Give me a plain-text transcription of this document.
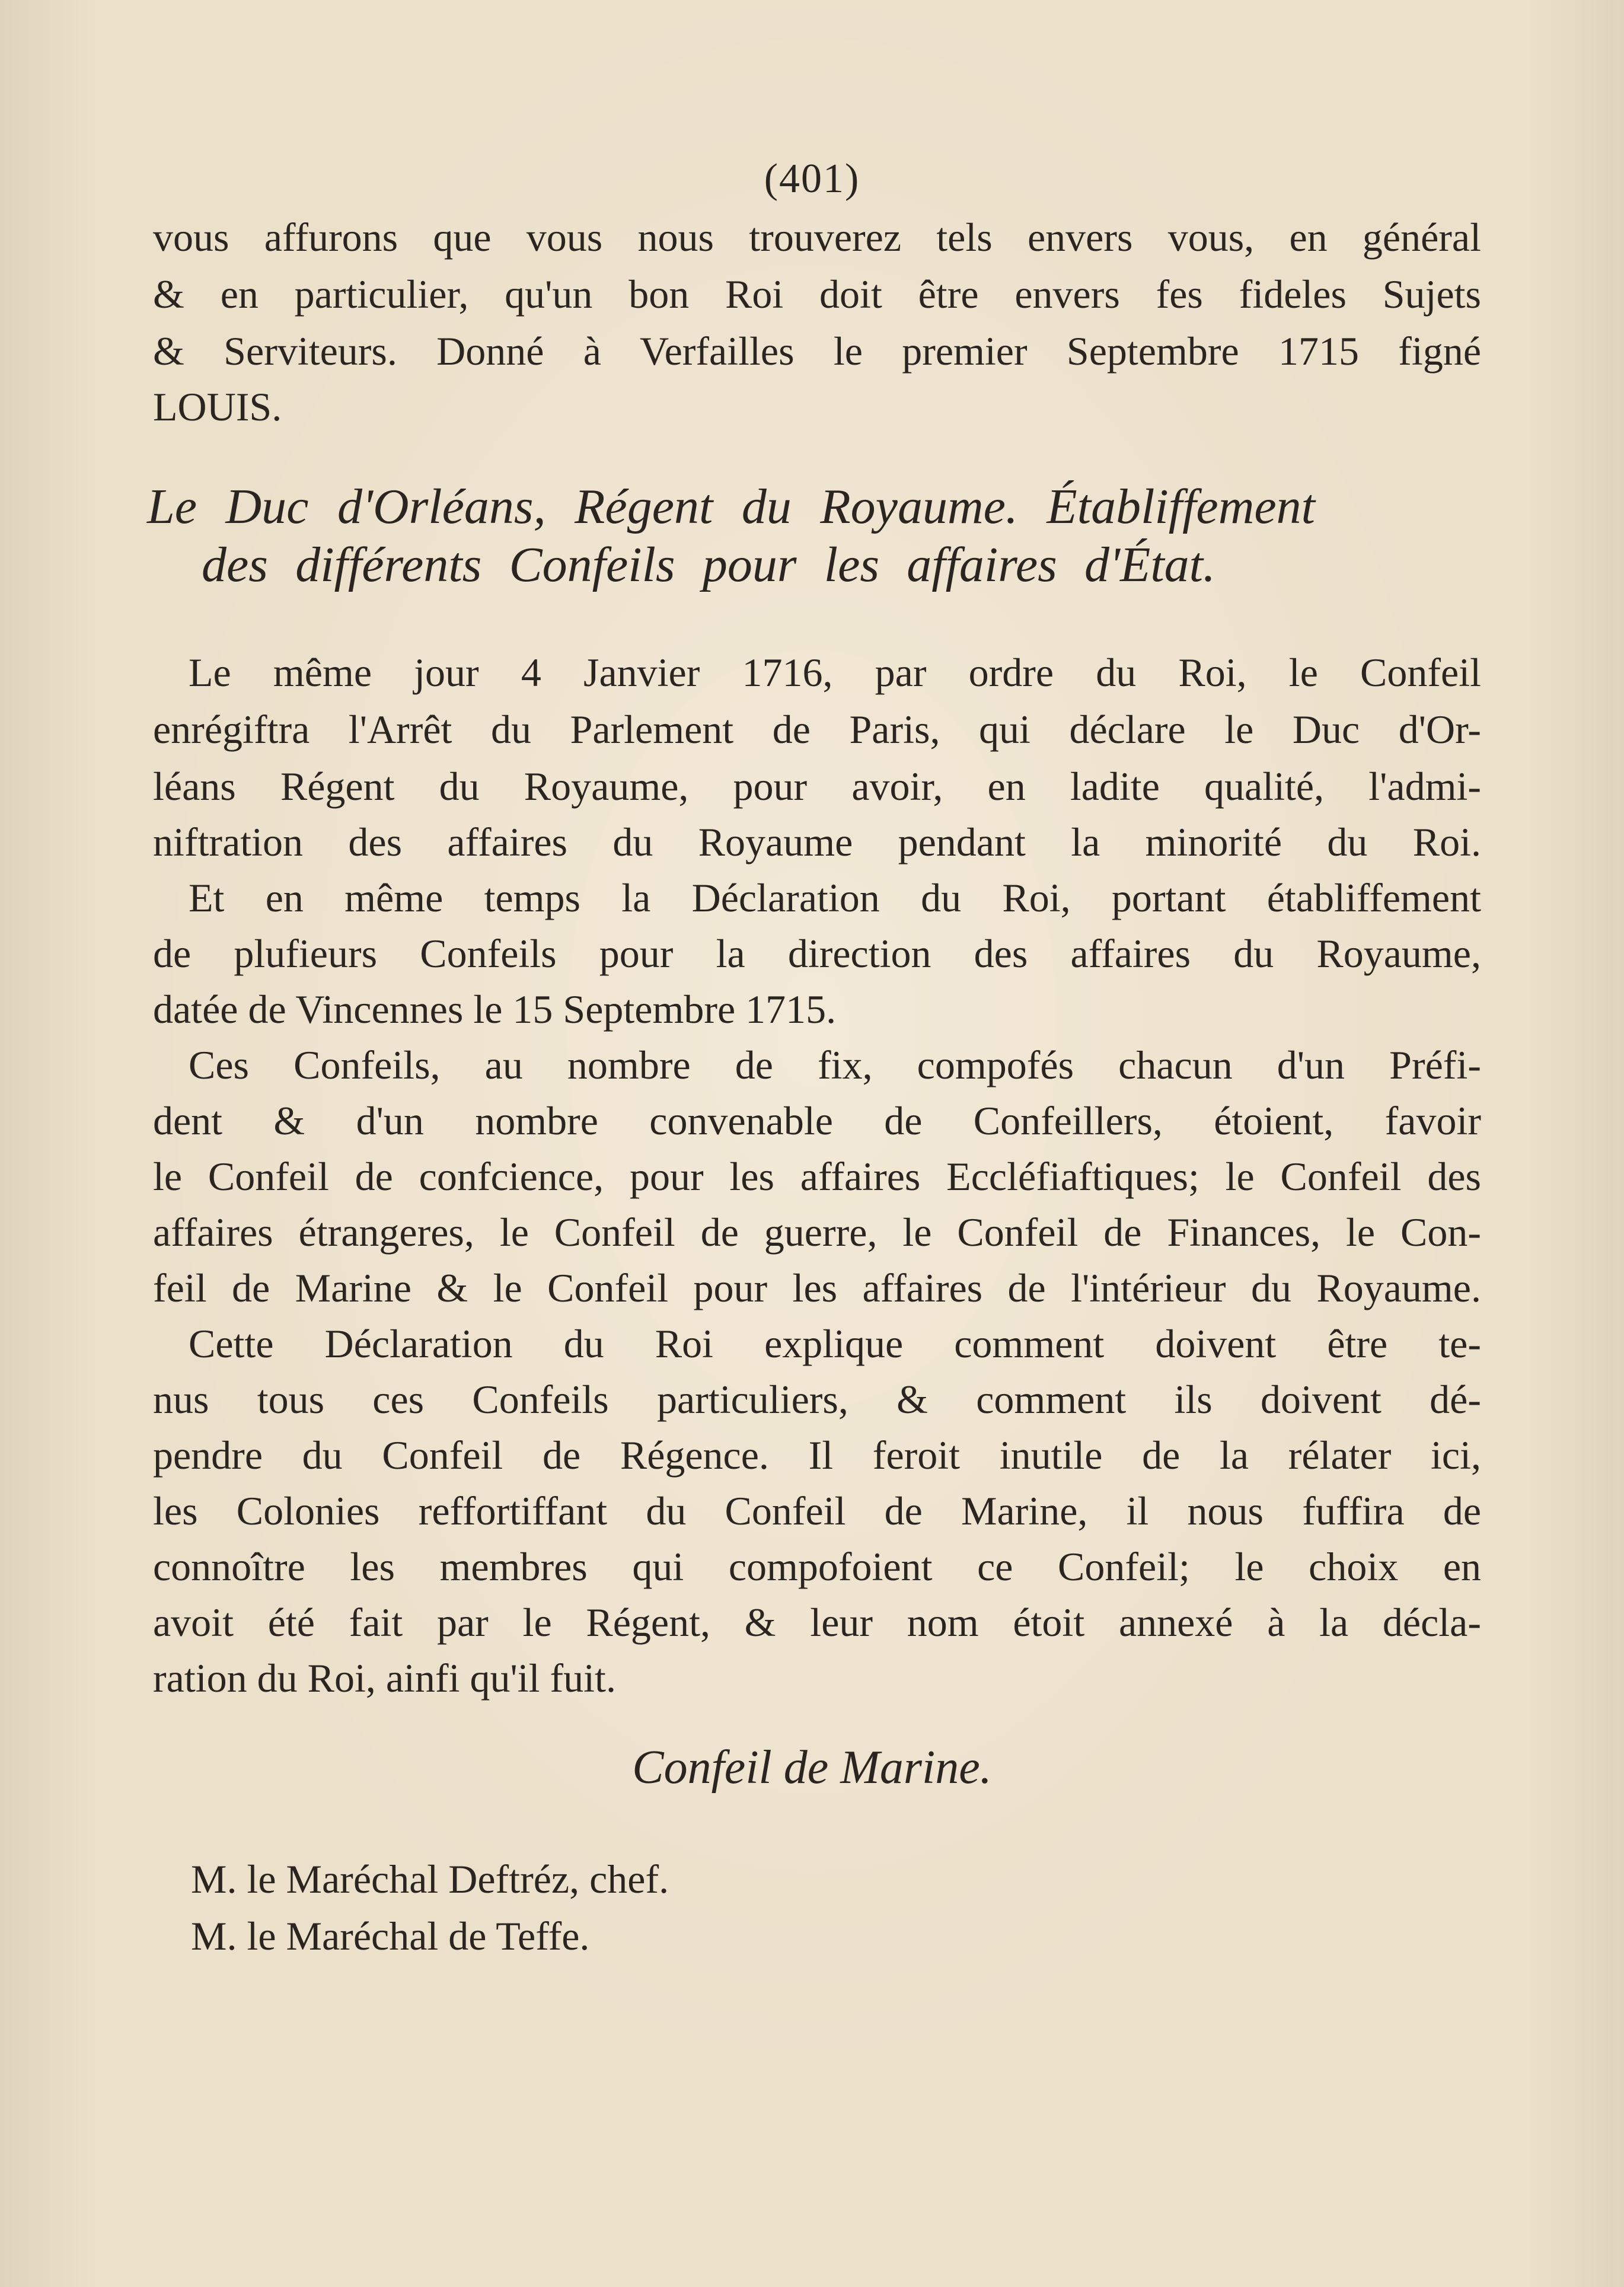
(401)
vous affurons que vous nous trouverez tels envers vous, en général
& en particulier, qu'un bon Roi doit être envers fes fideles Sujets
& Serviteurs. Donné à Verfailles le premier Septembre 1715 figné
LOUIS.
Le Duc d'Orléans, Régent du Royaume. Établiffement
des différents Confeils pour les affaires d'État.
Le même jour 4 Janvier 1716, par ordre du Roi, le Confeil
enrégiftra l'Arrêt du Parlement de Paris, qui déclare le Duc d'Or-
léans Régent du Royaume, pour avoir, en ladite qualité, l'admi-
niftration des affaires du Royaume pendant la minorité du Roi.
Et en même temps la Déclaration du Roi, portant établiffement
de plufieurs Confeils pour la direction des affaires du Royaume,
datée de Vincennes le 15 Septembre 1715.
Ces Confeils, au nombre de fix, compofés chacun d'un Préfi-
dent & d'un nombre convenable de Confeillers, étoient, favoir
le Confeil de confcience, pour les affaires Eccléfiaftiques; le Confeil des
affaires étrangeres, le Confeil de guerre, le Confeil de Finances, le Con-
feil de Marine & le Confeil pour les affaires de l'intérieur du Royaume.
Cette Déclaration du Roi explique comment doivent être te-
nus tous ces Confeils particuliers, & comment ils doivent dé-
pendre du Confeil de Régence. Il feroit inutile de la rélater ici,
les Colonies reffortiffant du Confeil de Marine, il nous fuffira de
connoître les membres qui compofoient ce Confeil; le choix en
avoit été fait par le Régent, & leur nom étoit annexé à la décla-
ration du Roi, ainfi qu'il fuit.
Confeil de Marine.
M. le Maréchal Deftréz, chef.
M. le Maréchal de Teffe.
